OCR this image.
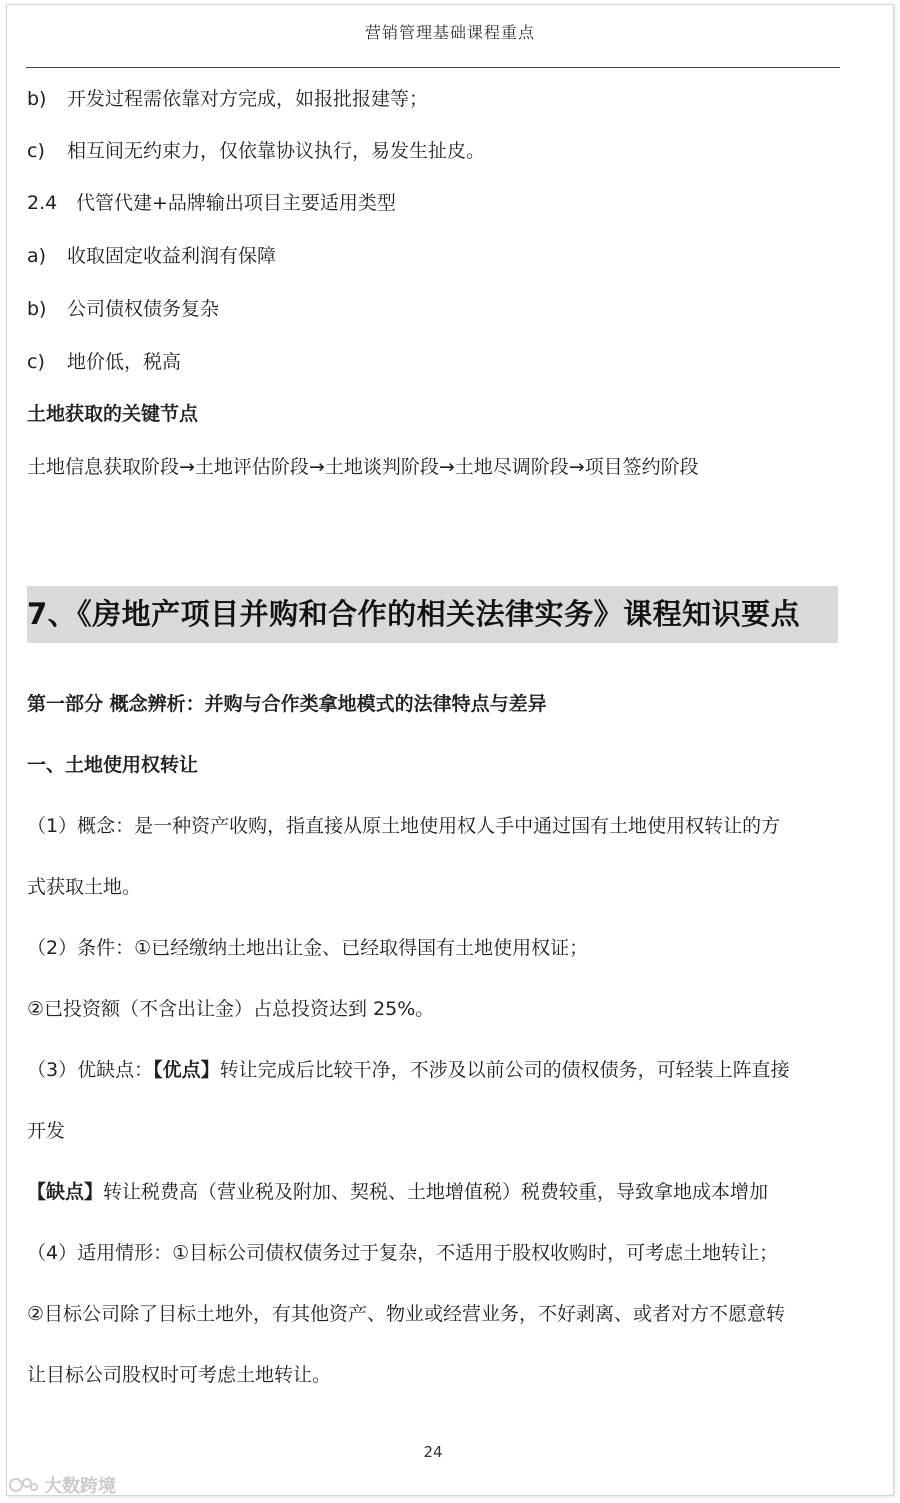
营销管理基础课程重点
b) 开发过程需依靠对方完成，如报批报建等；
c) 相互间无约束力，仅依靠协议执行，易发生扯皮。
2.4 代管代建+品牌输出项目主要适用类型
a) 收取固定收益利润有保障
b) 公司债权债务复杂
c) 地价低，税高
土地获取的关键节点
土地信息获取阶段→土地评估阶段→土地谈判阶段→土地尽调阶段→项目签约阶段
7、《房地产项目并购和合作的相关法律实务》课程知识要点
第一部分 概念辨析：并购与合作类拿地模式的法律特点与差异
一、土地使用权转让
（1）概念：是一种资产收购，指直接从原土地使用权人手中通过国有土地使用权转让的方
式获取土地。
（2）条件：①已经缴纳土地出让金、已经取得国有土地使用权证；
②已投资额（不含出让金）占总投资达到 25%。
（3）优缺点：【优点】转让完成后比较干净，不涉及以前公司的债权债务，可轻装上阵直接
开发
【缺点】转让税费高（营业税及附加、契税、土地增值税）税费较重，导致拿地成本增加
（4）适用情形：①目标公司债权债务过于复杂，不适用于股权收购时，可考虑土地转让；
②目标公司除了目标土地外，有其他资产、物业或经营业务，不好剥离、或者对方不愿意转
让目标公司股权时可考虑土地转让。
24
大数跨境
